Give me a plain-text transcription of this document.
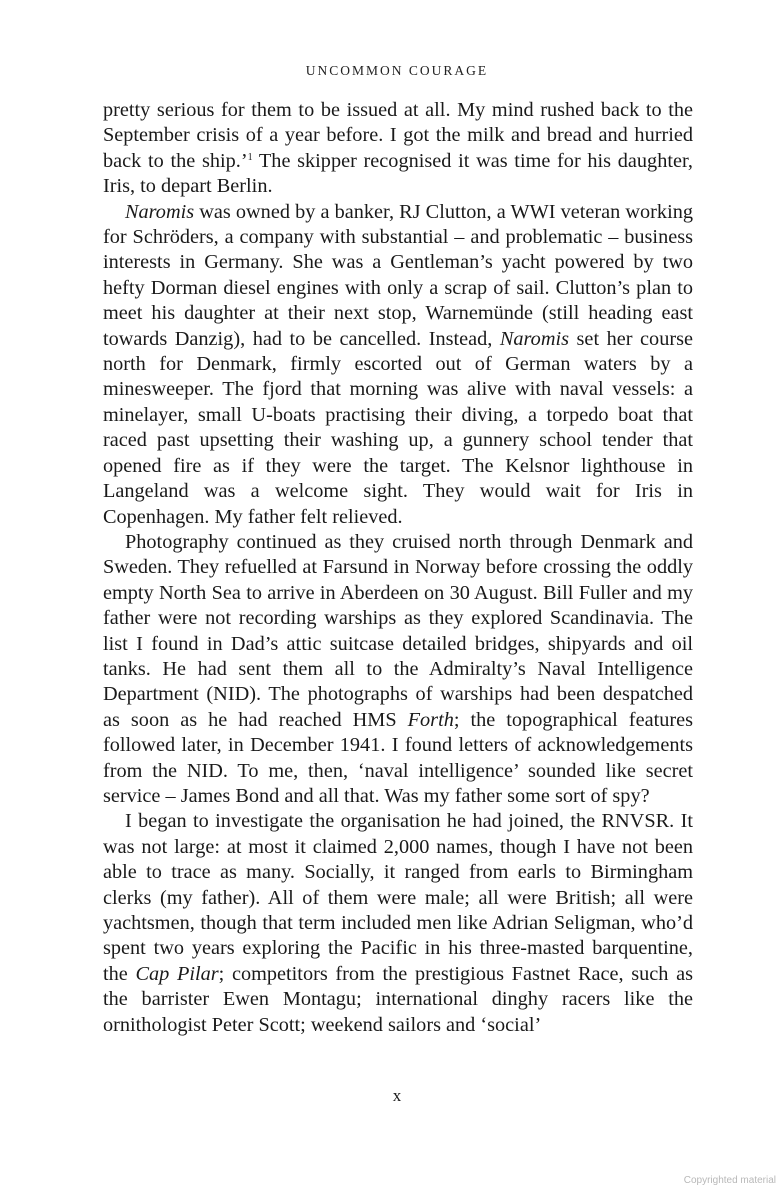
UNCOMMON COURAGE

pretty serious for them to be issued at all. My mind rushed back to the September crisis of a year before. I got the milk and bread and hurried back to the ship.’$^1$ The skipper recognised it was time for his daughter, Iris, to depart Berlin.

Naromis was owned by a banker, RJ Clutton, a WWI veteran working for Schröders, a company with substantial – and problematic – business interests in Germany. She was a Gentleman’s yacht powered by two hefty Dorman diesel engines with only a scrap of sail. Clutton’s plan to meet his daughter at their next stop, Warnemünde (still heading east towards Danzig), had to be cancelled. Instead, Naromis set her course north for Denmark, firmly escorted out of German waters by a minesweeper. The fjord that morning was alive with naval vessels: a minelayer, small U-boats practising their diving, a torpedo boat that raced past upsetting their washing up, a gunnery school tender that opened fire as if they were the target. The Kelsnor lighthouse in Langeland was a welcome sight. They would wait for Iris in Copenhagen. My father felt relieved.

Photography continued as they cruised north through Denmark and Sweden. They refuelled at Farsund in Norway before crossing the oddly empty North Sea to arrive in Aberdeen on 30 August. Bill Fuller and my father were not recording warships as they explored Scandinavia. The list I found in Dad’s attic suitcase detailed bridges, shipyards and oil tanks. He had sent them all to the Admiralty’s Naval Intelligence Department (NID). The photographs of warships had been despatched as soon as he had reached HMS Forth; the topographical features followed later, in December 1941. I found letters of acknowledgements from the NID. To me, then, ‘naval intelligence’ sounded like secret service – James Bond and all that. Was my father some sort of spy?

I began to investigate the organisation he had joined, the RNVSR. It was not large: at most it claimed 2,000 names, though I have not been able to trace as many. Socially, it ranged from earls to Birmingham clerks (my father). All of them were male; all were British; all were yachtsmen, though that term included men like Adrian Seligman, who’d spent two years exploring the Pacific in his three-masted barquentine, the Cap Pilar; competitors from the prestigious Fastnet Race, such as the barrister Ewen Montagu; international dinghy racers like the ornithologist Peter Scott; weekend sailors and ‘social’

x
Copyrighted material
